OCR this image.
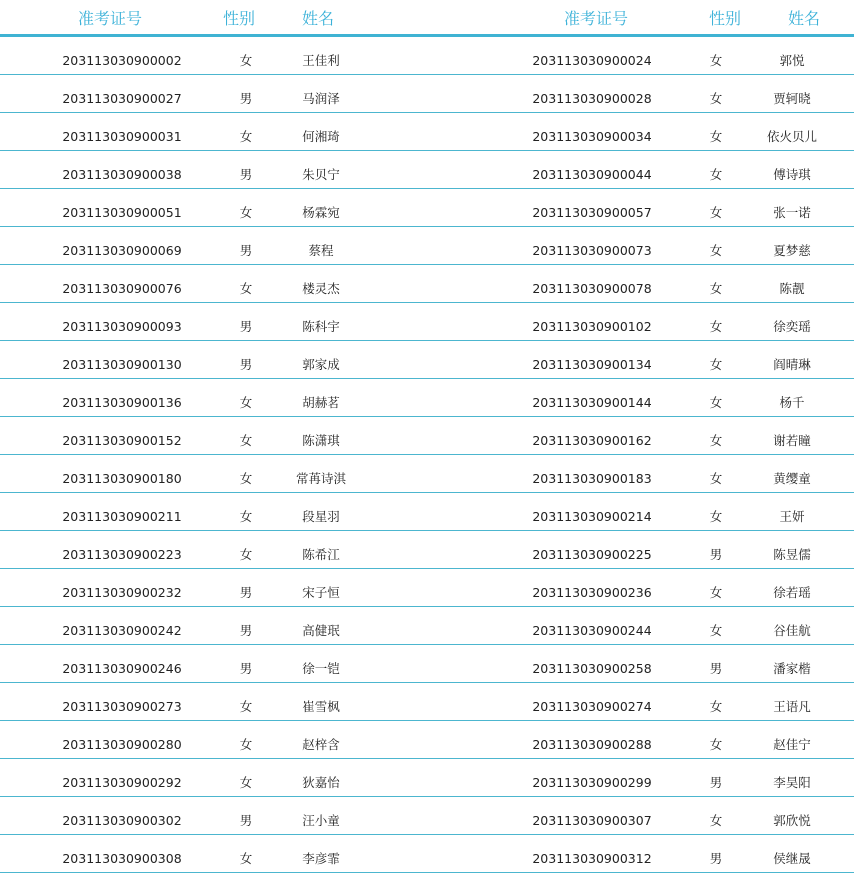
准考证号	性别	姓名	准考证号	性别	姓名
203113030900002	女	王佳利	203113030900024	女	郭悦
203113030900027	男	马润泽	203113030900028	女	贾轲晓
203113030900031	女	何湘琦	203113030900034	女	依火贝儿
203113030900038	男	朱贝宁	203113030900044	女	傅诗琪
203113030900051	女	杨霖宛	203113030900057	女	张一诺
203113030900069	男	蔡程	203113030900073	女	夏梦慈
203113030900076	女	楼灵杰	203113030900078	女	陈靓
203113030900093	男	陈科宇	203113030900102	女	徐奕瑶
203113030900130	男	郭家成	203113030900134	女	阎晴琳
203113030900136	女	胡赫茗	203113030900144	女	杨千
203113030900152	女	陈潇琪	203113030900162	女	谢若瞳
203113030900180	女	常苒诗淇	203113030900183	女	黄缨童
203113030900211	女	段星羽	203113030900214	女	王妍
203113030900223	女	陈希江	203113030900225	男	陈昱儒
203113030900232	男	宋子恒	203113030900236	女	徐若瑶
203113030900242	男	高健珉	203113030900244	女	谷佳航
203113030900246	男	徐一铠	203113030900258	男	潘家楷
203113030900273	女	崔雪枫	203113030900274	女	王语凡
203113030900280	女	赵梓含	203113030900288	女	赵佳宁
203113030900292	女	狄嘉怡	203113030900299	男	李昊阳
203113030900302	男	汪小童	203113030900307	女	郭欣悦
203113030900308	女	李彦霏	203113030900312	男	侯继晟
